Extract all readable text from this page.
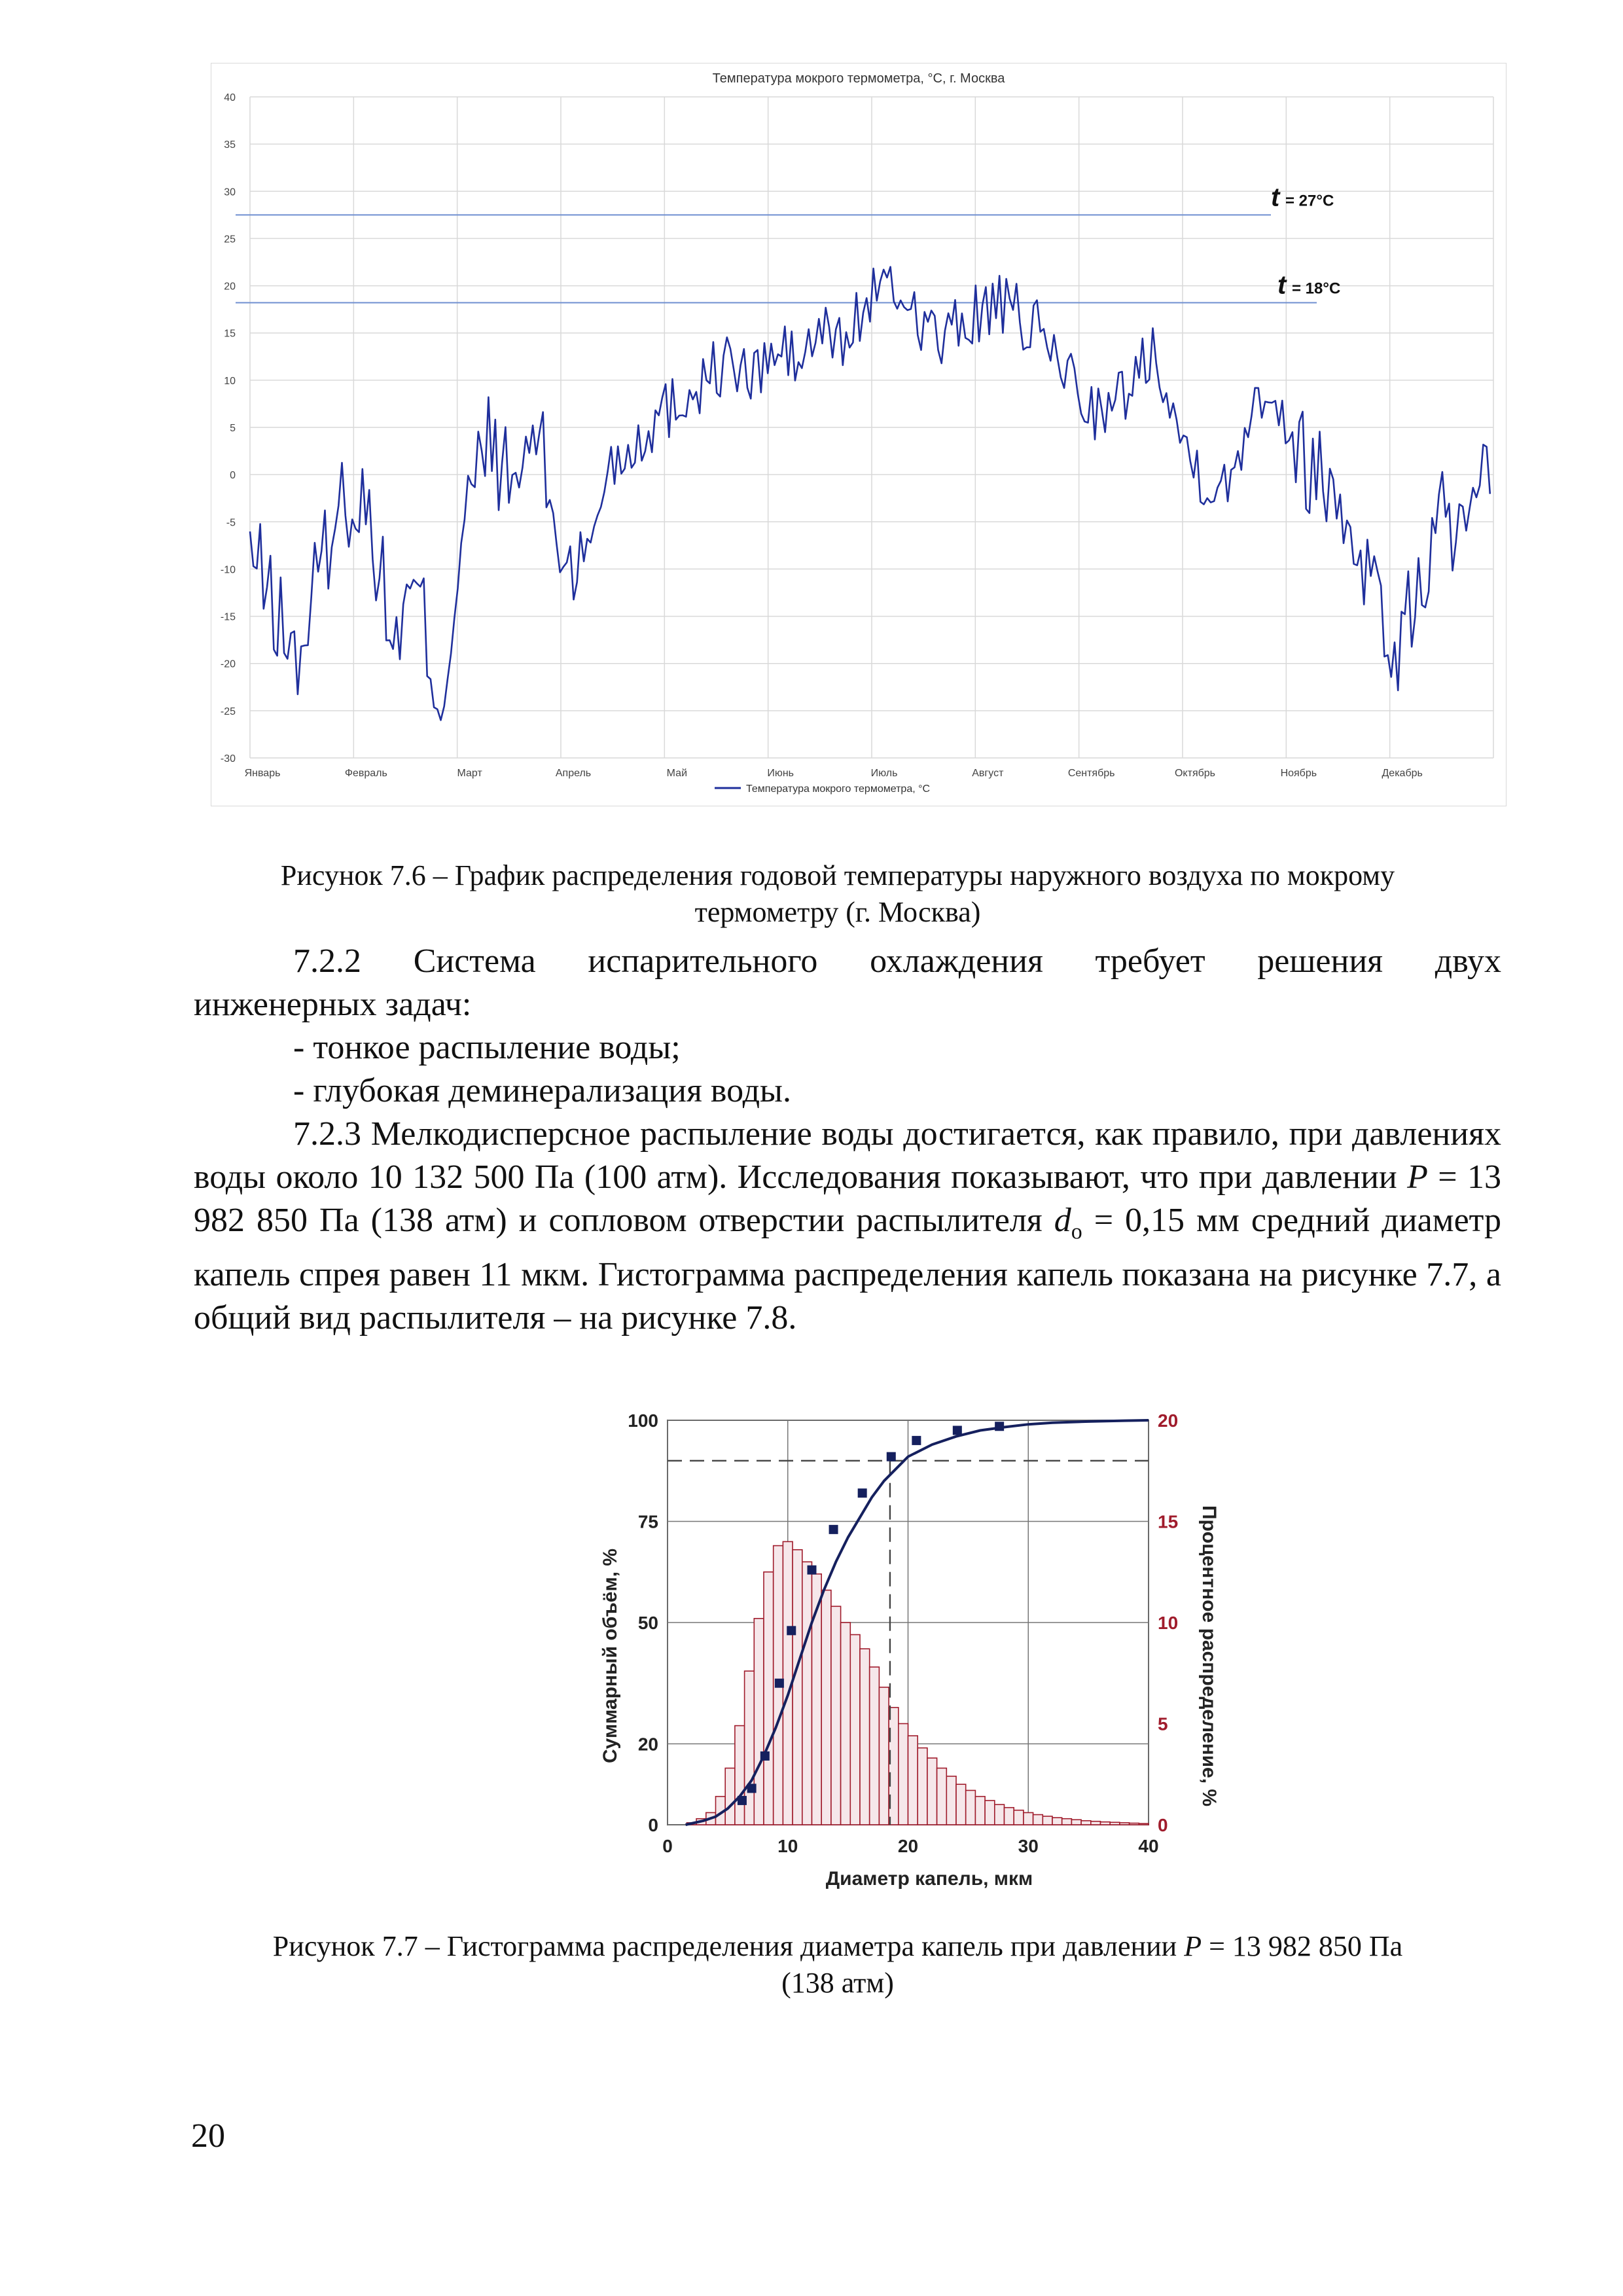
Температура мокрого термометра, °C, г. Москва
40
35
30
25
20
15
10
5
0
-5
-10
-15
-20
-25
-30
Январь	Февраль	Март	Апрель	Май	Июнь	Июль	Август	Сентябрь	Октябрь	Ноябрь	Декабрь
t = 27°C
t = 18°C
Температура мокрого термометра, °C
Рисунок 7.6 – График распределения годовой температуры наружного воздуха по мокрому
термометру (г. Москва)

7.2.2 Система испарительного охлаждения требует решения двух

инженерных задач:

- тонкое распыление воды;

- глубокая деминерализация воды.

7.2.3 Мелкодисперсное распыление воды достигается, как правило, при давлениях воды около 10 132 500 Па (100 атм). Исследования показывают, что при давлении P = 13 982 850 Па (138 атм) и сопловом отверстии распылителя $d_o = 0,15$ мм средний диаметр капель спрея равен 11 мкм. Гистограмма распределения капель показана на рисунке 7.7, а общий вид распылителя – на рисунке 7.8.

0	10	20	30	40
0
20
50
75
100
0
5
10
15
20
Диаметр капель, мкм
Суммарный объём, %	Процентное распределение, %
Рисунок 7.7 – Гистограмма распределения диаметра капель при давлении P = 13 982 850 Па
(138 атм)
20
